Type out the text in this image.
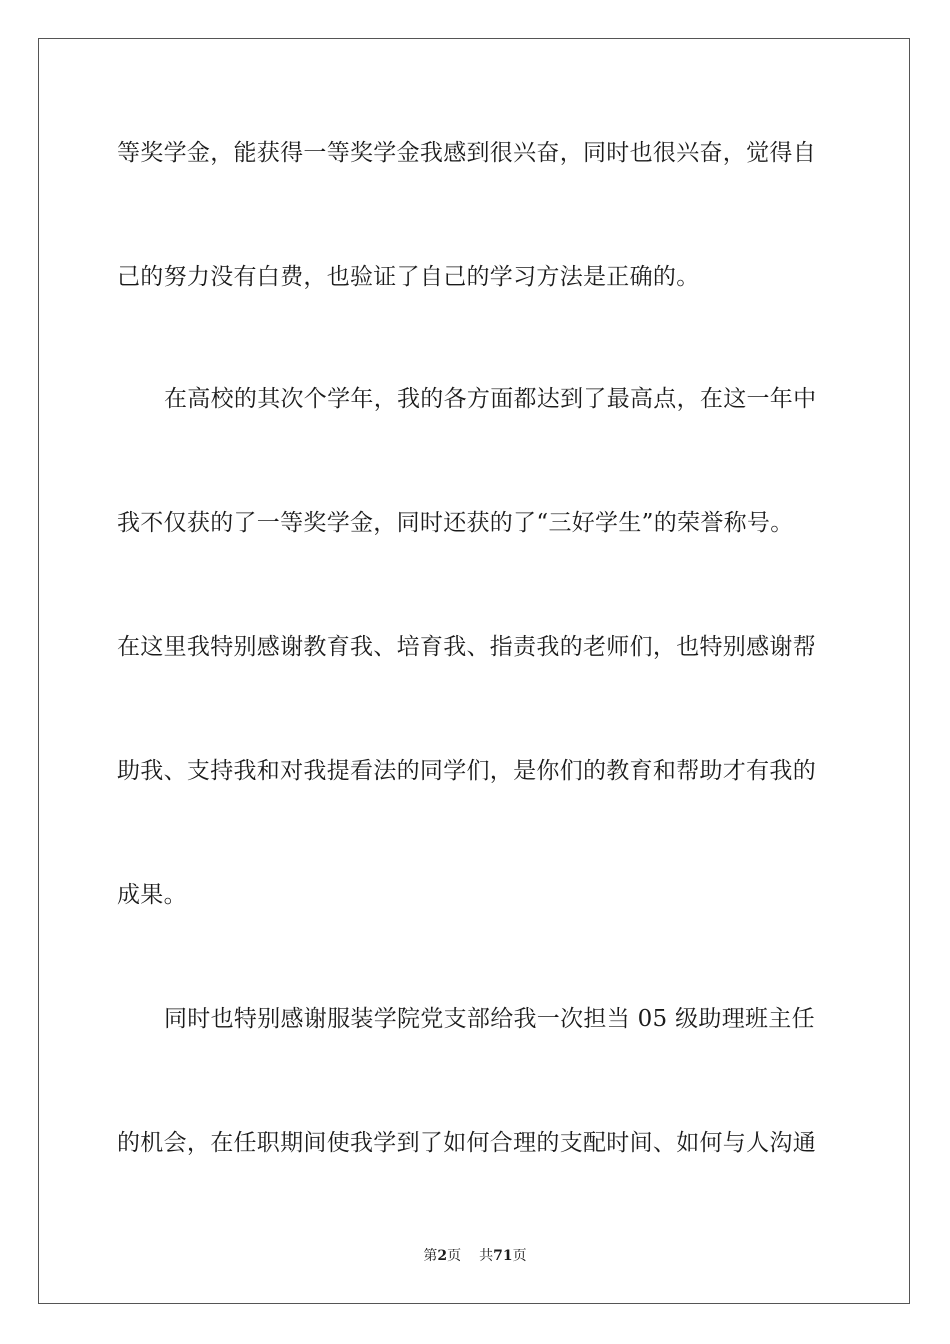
等奖学金，能获得一等奖学金我感到很兴奋，同时也很兴奋，觉得自
己的努力没有白费，也验证了自己的学习方法是正确的。
在高校的其次个学年，我的各方面都达到了最高点，在这一年中
我不仅获的了一等奖学金，同时还获的了“三好学生”的荣誉称号。
在这里我特别感谢教育我、培育我、指责我的老师们，也特别感谢帮
助我、支持我和对我提看法的同学们，是你们的教育和帮助才有我的
成果。
同时也特别感谢服装学院党支部给我一次担当 05 级助理班主任
的机会，在任职期间使我学到了如何合理的支配时间、如何与人沟通
第2页 共71页
